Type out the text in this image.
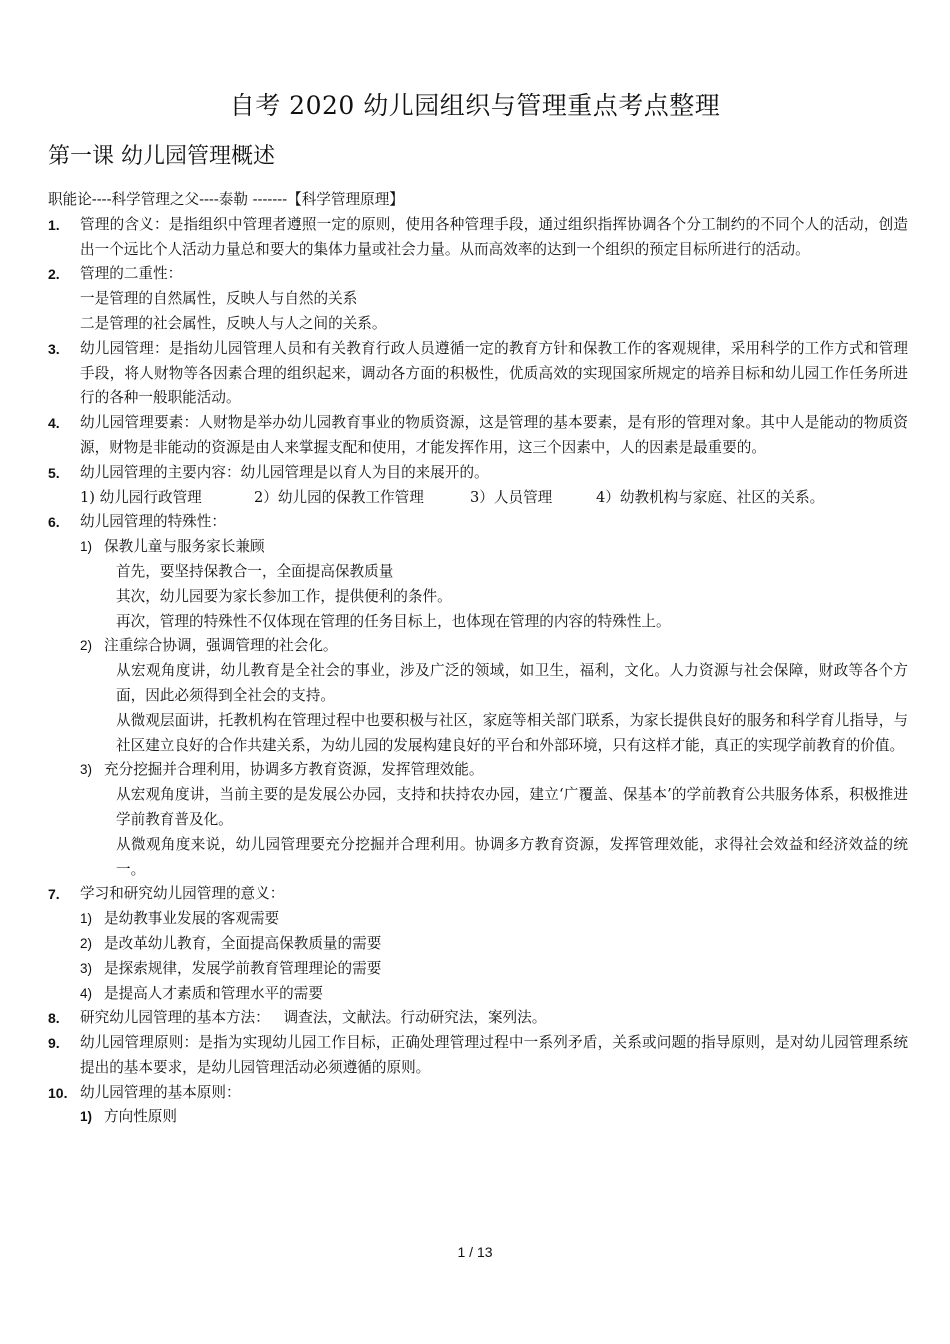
自考 2020 幼儿园组织与管理重点考点整理
第一课 幼儿园管理概述

职能论----科学管理之父----泰勒 -------【科学管理原理】

1. 管理的含义：是指组织中管理者遵照一定的原则，使用各种管理手段，通过组织指挥协调各个分工制约的不同个人的活动，创造出一个远比个人活动力量总和要大的集体力量或社会力量。从而高效率的达到一个组织的预定目标所进行的活动。

2. 管理的二重性：

一是管理的自然属性，反映人与自然的关系

二是管理的社会属性，反映人与人之间的关系。

3. 幼儿园管理：是指幼儿园管理人员和有关教育行政人员遵循一定的教育方针和保教工作的客观规律，采用科学的工作方式和管理手段，将人财物等各因素合理的组织起来，调动各方面的积极性，优质高效的实现国家所规定的培养目标和幼儿园工作任务所进行的各种一般职能活动。

4. 幼儿园管理要素：人财物是举办幼儿园教育事业的物质资源，这是管理的基本要素，是有形的管理对象。其中人是能动的物质资源，财物是非能动的资源是由人来掌握支配和使用，才能发挥作用，这三个因素中，人的因素是最重要的。

5. 幼儿园管理的主要内容：幼儿园管理是以育人为目的来展开的。

1) 幼儿园行政管理	2）幼儿园的保教工作管理	3）人员管理	4）幼教机构与家庭、社区的关系。

6. 幼儿园管理的特殊性：

1) 保教儿童与服务家长兼顾

首先，要坚持保教合一，全面提高保教质量

其次，幼儿园要为家长参加工作，提供便利的条件。

再次，管理的特殊性不仅体现在管理的任务目标上，也体现在管理的内容的特殊性上。

2) 注重综合协调，强调管理的社会化。

从宏观角度讲，幼儿教育是全社会的事业，涉及广泛的领域，如卫生，福利，文化。人力资源与社会保障，财政等各个方面，因此必须得到全社会的支持。

从微观层面讲，托教机构在管理过程中也要积极与社区，家庭等相关部门联系，为家长提供良好的服务和科学育儿指导，与社区建立良好的合作共建关系，为幼儿园的发展构建良好的平台和外部环境，只有这样才能，真正的实现学前教育的价值。

3) 充分挖掘并合理利用，协调多方教育资源，发挥管理效能。

从宏观角度讲，当前主要的是发展公办园，支持和扶持农办园，建立‘广覆盖、保基本’的学前教育公共服务体系，积极推进学前教育普及化。

从微观角度来说，幼儿园管理要充分挖掘并合理利用。协调多方教育资源，发挥管理效能，求得社会效益和经济效益的统一。

7. 学习和研究幼儿园管理的意义：

1) 是幼教事业发展的客观需要

2) 是改革幼儿教育，全面提高保教质量的需要

3) 是探索规律，发展学前教育管理理论的需要

4) 是提高人才素质和管理水平的需要

8. 研究幼儿园管理的基本方法：   调查法，文献法。行动研究法，案列法。

9. 幼儿园管理原则：是指为实现幼儿园工作目标，正确处理管理过程中一系列矛盾，关系或问题的指导原则，是对幼儿园管理系统提出的基本要求，是幼儿园管理活动必须遵循的原则。

10. 幼儿园管理的基本原则：

1) 方向性原则

1 / 13
